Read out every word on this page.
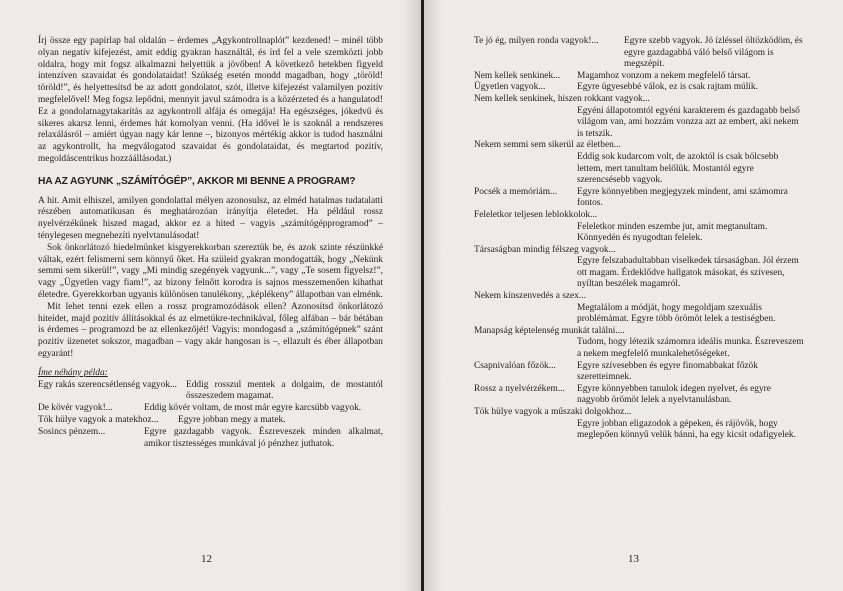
Írj össze egy papírlap bal oldalán – érdemes „Agykontrollnaplót” kezdened! – minél több olyan negatív kifejezést, amit eddig gyakran használtál, és írd fel a vele szemközti jobb oldalra, hogy mit fogsz alkalmazni helyettük a jövőben! A következő hetekben figyeld intenzíven szavaidat és gondolataidat! Szükség esetén mondd magadban, hogy „töröld! töröld!”, és helyettesítsd be az adott gondolatot, szót, illetve kifejezést valamilyen pozitív megfelelővel! Meg fogsz lepődni, mennyit javul számodra is a közérzeted és a hangulatod! Ez a gondolatnagytakarítás az agykontroll alfája és omegája! Ha egészséges, jókedvű és sikeres akarsz lenni, érdemes hát komolyan venni. (Ha idővel le is szoknál a rendszeres relaxálásról – amiért úgyan nagy kár lenne –, bizonyos mértékig akkor is tudod használni az agykontrollt, ha megválogatod szavaidat és gondolataidat, és megtartod pozitív, megoldáscentrikus hozzáállásodat.)

HA AZ AGYUNK „SZÁMÍTÓGÉP”, AKKOR MI BENNE A PROGRAM?

A hit. Amit elhiszel, amilyen gondolattal mélyen azonosulsz, az elméd hatalmas tudatalatti részében automatikusan és meghatározóan irányítja életedet. Ha például rossz nyelvérzékűnek hiszed magad, akkor ez a hited – vagyis „számítógépprogramod” – ténylegesen megnehezíti nyelvtanulásodat!

Sok önkorlátozó hiedelmünket kisgyerekkorban szereztük be, és azok szinte részünkké váltak, ezért felismerni sem könnyű őket. Ha szüleid gyakran mondogatták, hogy „Nekünk semmi sem sikerül!”, vagy „Mi mindig szegények vagyunk...”, vagy „Te sosem figyelsz!”, vagy „Ügyetlen vagy fiam!”, az bizony felnőtt korodra is sajnos messzemenően kihathat életedre. Gyerekkorban ugyanis különösen tanulékony, „képlékeny” állapotban van elménk.

Mit lehet tenni ezek ellen a rossz programozódások ellen? Azonosítsd önkorlátozó hiteidet, majd pozitív állításokkal és az elmetükre-technikával, főleg alfában – bár bétában is érdemes – programozd be az ellenkezőjét! Vagyis: mondogasd a „számítógépnek” szánt pozitív üzenetet sokszor, magadban – vagy akár hangosan is –, ellazult és éber állapotban egyaránt!

Íme néhány példa:
Egy rakás szerencsétlenség vagyok... Eddig rosszul mentek a dolgaim, de mostantól összeszedem magamat.
De kövér vagyok!...	Eddig kövér voltam, de most már egyre karcsúbb vagyok.
Tök hülye vagyok a matekhoz... Egyre jobban megy a matek.
Sosincs pénzem...	Egyre gazdagabb vagyok. Észreveszek minden alkalmat, amikor tisztességes munkával jó pénzhez juthatok.
12
Te jó ég, milyen ronda vagyok!...	Egyre szebb vagyok. Jó ízléssel öltözködöm, és egyre gazdagabbá váló belső világom is megszépít.
Nem kellek senkinek... Magamhoz vonzom a nekem megfelelő társat.
Ügyetlen vagyok...	Egyre ügyesebbé válok, ez is csak rajtam múlik.
Nem kellek senkinek, hiszen rokkant vagyok...
Egyéni állapotomtól egyéni karakterem és gazdagabb belső világom van, ami hozzám vonzza azt az embert, aki nekem is tetszik.
Nekem semmi sem sikerül az életben...
Eddig sok kudarcom volt, de azoktól is csak bölcsebb lettem, mert tanultam belőlük. Mostantól egyre szerencsésebb vagyok.
Pocsék a memóriám... Egyre könnyebben megjegyzek mindent, ami számomra fontos.
Feleletkor teljesen leblokkolok...
Feleletkor minden eszembe jut, amit megtanultam. Könnyedén és nyugodtan felelek.
Társaságban mindig félszeg vagyok...
Egyre felszabadultabban viselkedek társaságban. Jól érzem ott magam. Érdeklődve hallgatok másokat, és szívesen, nyíltan beszélek magamról.
Nekem kínszenvedés a szex...
Megtalálom a módját, hogy megoldjam szexuális problémámat. Egyre több örömöt lelek a testiségben.
Manapság képtelenség munkát találni....
Tudom, hogy létezik számomra ideális munka. Észreveszem a nekem megfelelő munkalehetőségeket.
Csapnivalóan főzök... Egyre szívesebben és egyre finomabbakat főzök szeretteimnek.
Rossz a nyelvérzékem... Egyre könnyebben tanulok idegen nyelvet, és egyre nagyobb örömöt lelek a nyelvtanulásban.
Tök hülye vagyok a műszaki dolgokhoz...
Egyre jobban eligazodok a gépeken, és rájövök, hogy meglepően könnyű velük bánni, ha egy kicsit odafigyelek.
13
